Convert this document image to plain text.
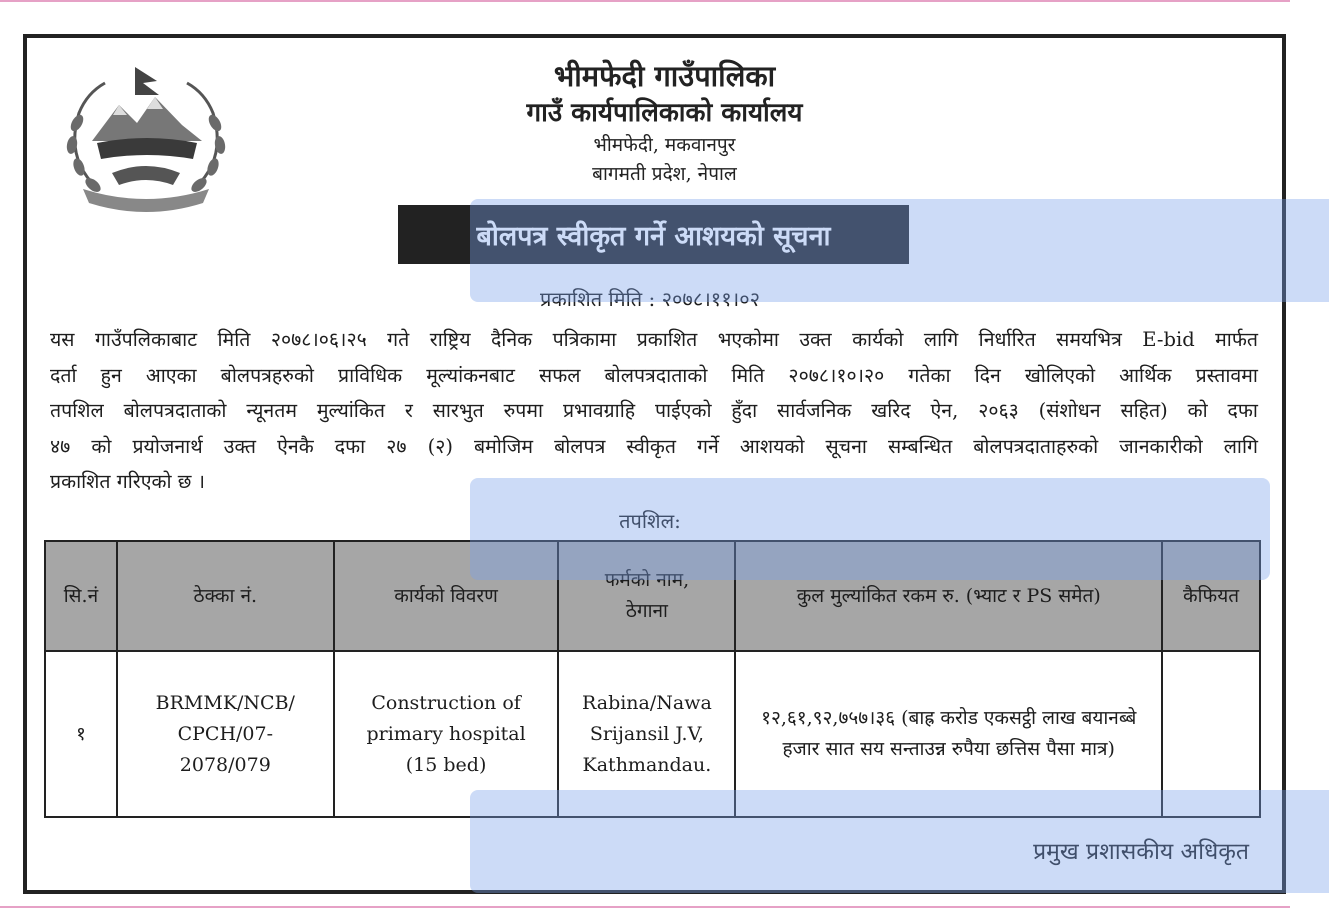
भीमफेदी गाउँपालिका
गाउँ कार्यपालिकाको कार्यालय
भीमफेदी, मकवानपुर
बागमती प्रदेश, नेपाल
बोलपत्र स्वीकृत गर्ने आशयको सूचना
प्रकाशित मिति : २०७८।११।०२
यस गाउँपलिकाबाट मिति २०७८।०६।२५ गते राष्ट्रिय दैनिक पत्रिकामा प्रकाशित भएकोमा उक्त कार्यको लागि निर्धारित समयभित्र E-bid मार्फत
दर्ता हुन आएका बोलपत्रहरुको प्राविधिक मूल्यांकनबाट सफल बोलपत्रदाताको मिति २०७८।१०।२० गतेका दिन खोलिएको आर्थिक प्रस्तावमा
तपशिल बोलपत्रदाताको न्यूनतम मुल्यांकित र सारभुत रुपमा प्रभावग्राहि पाईएको हुँदा सार्वजनिक खरिद ऐन, २०६३ (संशोधन सहित) को दफा
४७ को प्रयोजनार्थ उक्त ऐनकै दफा २७ (२) बमोजिम बोलपत्र स्वीकृत गर्ने आशयको सूचना सम्बन्धित बोलपत्रदाताहरुको जानकारीको लागि
प्रकाशित गरिएको छ ।
तपशिल:
सि.नं	ठेक्का नं.	कार्यको विवरण	फर्मको नाम, ठेगाना	कुल मुल्यांकित रकम रु. (भ्याट र PS समेत)	कैफियत
१	BRMMK/NCB/ CPCH/07- 2078/079	Construction of primary hospital (15 bed)	Rabina/Nawa Srijansil J.V, Kathmandau.	१२,६१,९२,७५७।३६ (बाह्र करोड एकसट्ठी लाख बयानब्बे हजार सात सय सन्ताउन्न रुपैया छत्तिस पैसा मात्र)	
प्रमुख प्रशासकीय अधिकृत
